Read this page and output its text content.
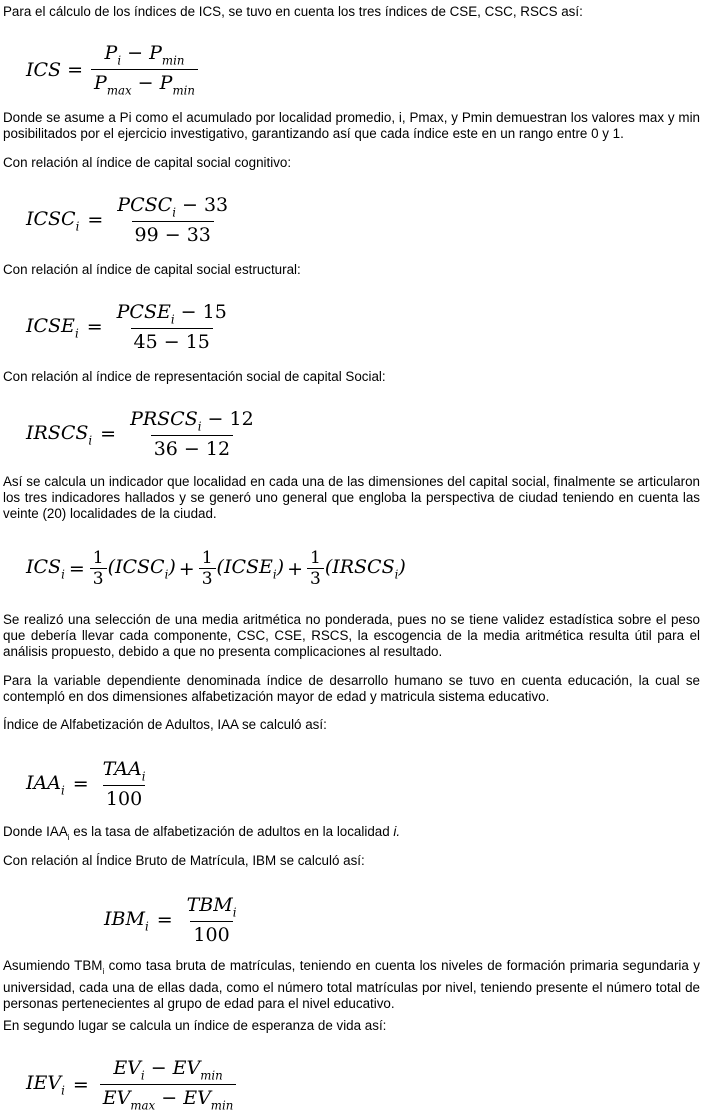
Para el cálculo de los índices de ICS, se tuvo en cuenta los tres índices de CSE, CSC, RSCS así:

ICS = $\frac{P_i - P_{min}}{P_{max} - P_{min}}$

Donde se asume a Pi como el acumulado por localidad promedio, i, Pmax, y Pmin demuestran los valores max y min posibilitados por el ejercicio investigativo, garantizando así que cada índice este en un rango entre 0 y 1.

Con relación al índice de capital social cognitivo:

$ICSC_i = \frac{PCSC_i - 33}{99 - 33}$

Con relación al índice de capital social estructural:

$ICSE_i = \frac{PCSE_i - 15}{45 - 15}$

Con relación al índice de representación social de capital Social:

$IRSCS_i = \frac{PRSCS_i - 12}{36 - 12}$

Así se calcula un indicador que localidad en cada una de las dimensiones del capital social, finalmente se articularon los tres indicadores hallados y se generó uno general que engloba la perspectiva de ciudad teniendo en cuenta las veinte (20) localidades de la ciudad.

$ICS_i = \frac{1}{3}$ $(ICSC_i) + \frac{1}{3}$ $(ICSE_i) + \frac{1}{3}$ $(IRSCS_i)$

Se realizó una selección de una media aritmética no ponderada, pues no se tiene validez estadística sobre el peso que debería llevar cada componente, CSC, CSE, RSCS, la escogencia de la media aritmética resulta útil para el análisis propuesto, debido a que no presenta complicaciones al resultado.

Para la variable dependiente denominada índice de desarrollo humano se tuvo en cuenta educación, la cual se contempló en dos dimensiones alfabetización mayor de edad y matricula sistema educativo.

Índice de Alfabetización de Adultos, IAA se calculó así:

$IAA_i = \frac{TAA_i}{100}$

Donde $IAA_i$ es la tasa de alfabetización de adultos en la localidad i.

Con relación al Índice Bruto de Matrícula, IBM se calculó así:

$IBM_i = \frac{TBM_i}{100}$

Asumiendo $TBM_i$ como tasa bruta de matrículas, teniendo en cuenta los niveles de formación primaria segundaria y universidad, cada una de ellas dada, como el número total matrículas por nivel, teniendo presente el número total de personas pertenecientes al grupo de edad para el nivel educativo.

En segundo lugar se calcula un índice de esperanza de vida así:

$IEV_i = \frac{EV_i - EV_{min}}{EV_{max} - EV_{min}}$
